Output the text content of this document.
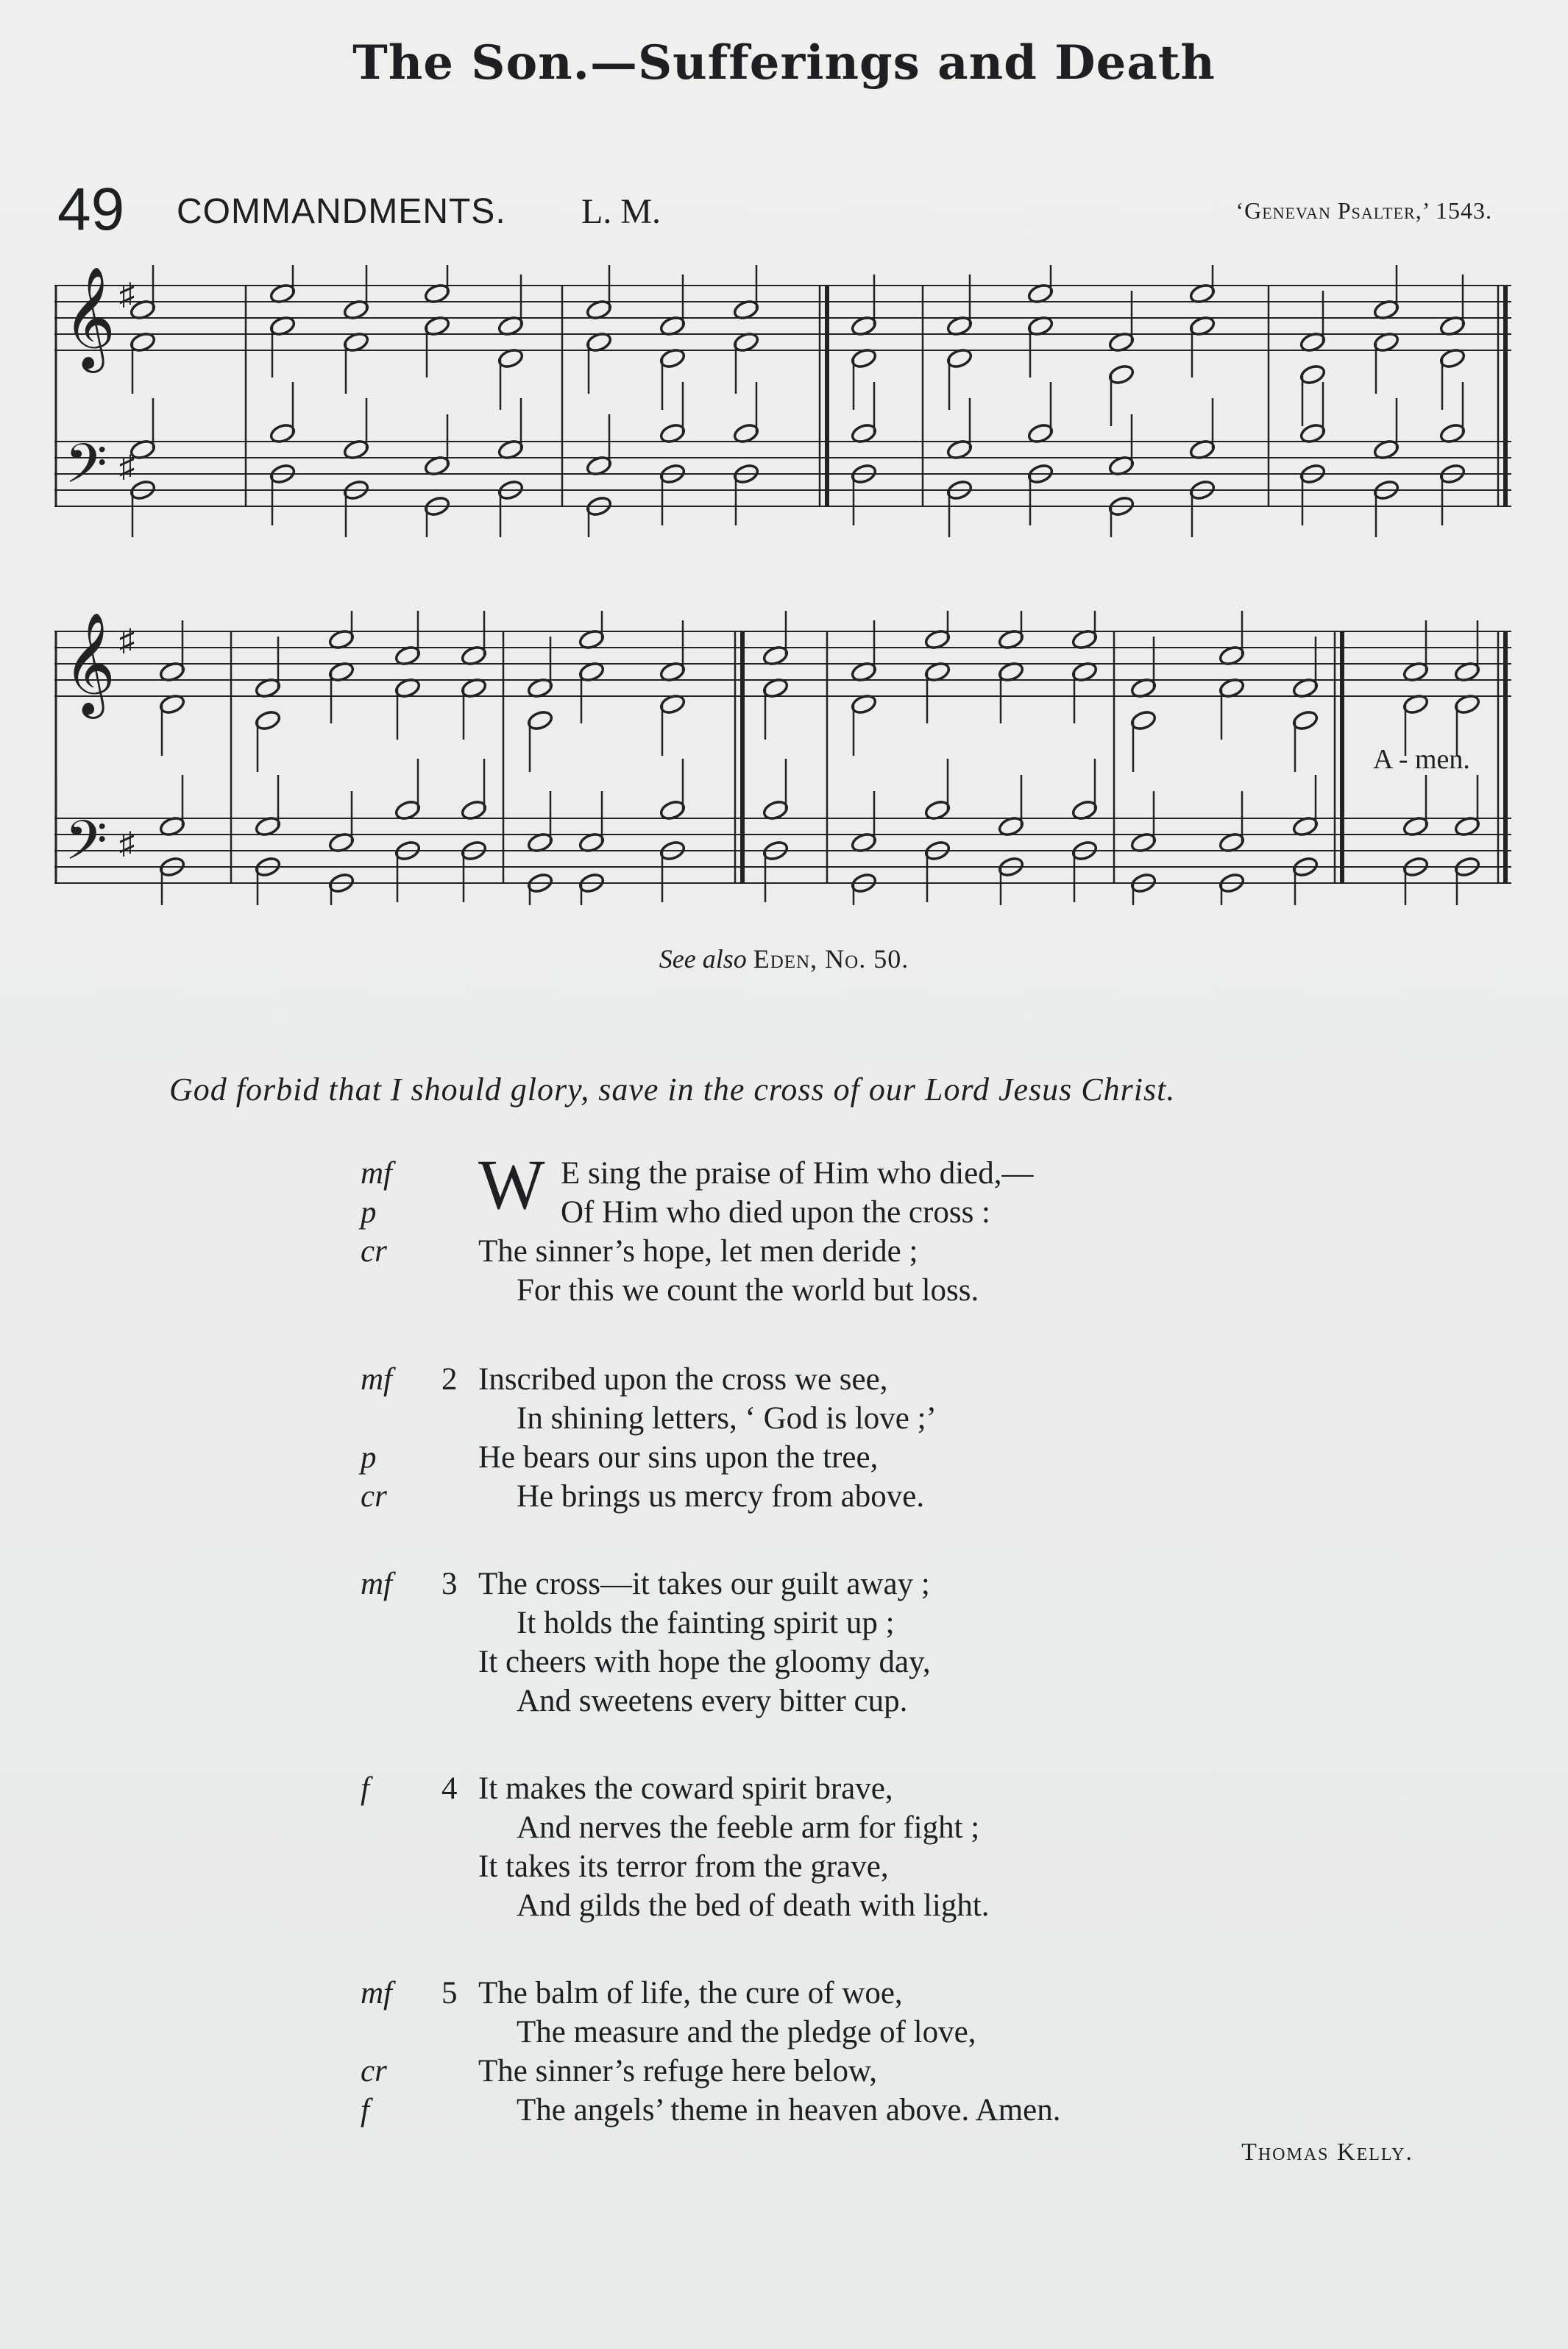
The Son.—Sufferings and Death
49 COMMANDMENTS. L. M.	‘Genevan Psalter,’ 1543.
𝄞
𝄢
♯
♯
𝄞
𝄢
♯
♯
A - men.
See also Eden, No. 50.
God forbid that I should glory, save in the cross of our Lord Jesus Christ.
mf W E sing the praise of Him who died,—
p	Of Him who died upon the cross :
cr	The sinner’s hope, let men deride ;
For this we count the world but loss.
mf 2 Inscribed upon the cross we see,
In shining letters, ‘ God is love ;’
p	He bears our sins upon the tree,
cr	He brings us mercy from above.
mf 3 The cross—it takes our guilt away ;
It holds the fainting spirit up ;
It cheers with hope the gloomy day,
And sweetens every bitter cup.
f 4 It makes the coward spirit brave,
And nerves the feeble arm for fight ;
It takes its terror from the grave,
And gilds the bed of death with light.
mf 5 The balm of life, the cure of woe,
The measure and the pledge of love,
cr	The sinner’s refuge here below,
f	The angels’ theme in heaven above. Amen.
Thomas Kelly.
